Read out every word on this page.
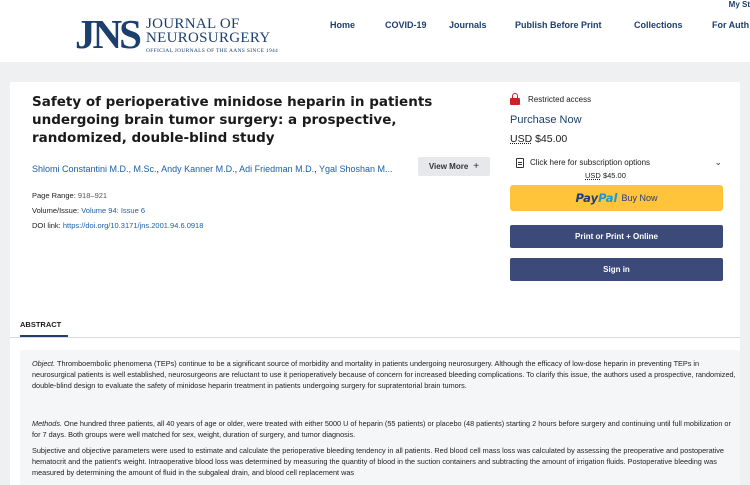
My St
JNS JOURNAL OF
NEUROSURGERY
OFFICIAL JOURNALS OF THE AANS SINCE 1944
Home	COVID-19 Journals	Publish Before Print	Collections	For Auth
Safety of perioperative minidose heparin in patients undergoing brain tumor surgery: a prospective, randomized, double-blind study
Shlomi Constantini M.D., M.Sc., Andy Kanner M.D., Adi Friedman M.D., Ygal Shoshan M...	View More +
Page Range: 918–921
Volume/Issue: Volume 94: Issue 6
DOI link: https://doi.org/10.3171/jns.2001.94.6.0918
Restricted access
Purchase Now
USD $45.00
Click here for subscription options	⌄
USD $45.00
PayPal Buy Now
Print or Print + Online
Sign in
ABSTRACT

Object. Thromboembolic phenomena (TEPs) continue to be a significant source of morbidity and mortality in patients undergoing neurosurgery. Although the efficacy of low-dose heparin in preventing TEPs in neurosurgical patients is well established, neurosurgeons are reluctant to use it perioperatively because of concern for increased bleeding complications. To clarify this issue, the authors used a prospective, randomized, double-blind design to evaluate the safety of minidose heparin treatment in patients undergoing surgery for supratentorial brain tumors.

Methods. One hundred three patients, all 40 years of age or older, were treated with either 5000 U of heparin (55 patients) or placebo (48 patients) starting 2 hours before surgery and continuing until full mobilization or for 7 days. Both groups were well matched for sex, weight, duration of surgery, and tumor diagnosis.

Subjective and objective parameters were used to estimate and calculate the perioperative bleeding tendency in all patients. Red blood cell mass loss was calculated by assessing the preoperative and postoperative hematocrit and the patient's weight. Intraoperative blood loss was determined by measuring the quantity of blood in the suction containers and subtracting the amount of irrigation fluids. Postoperative bleeding was measured by determining the amount of fluid in the subgaleal drain, and blood cell replacement was
